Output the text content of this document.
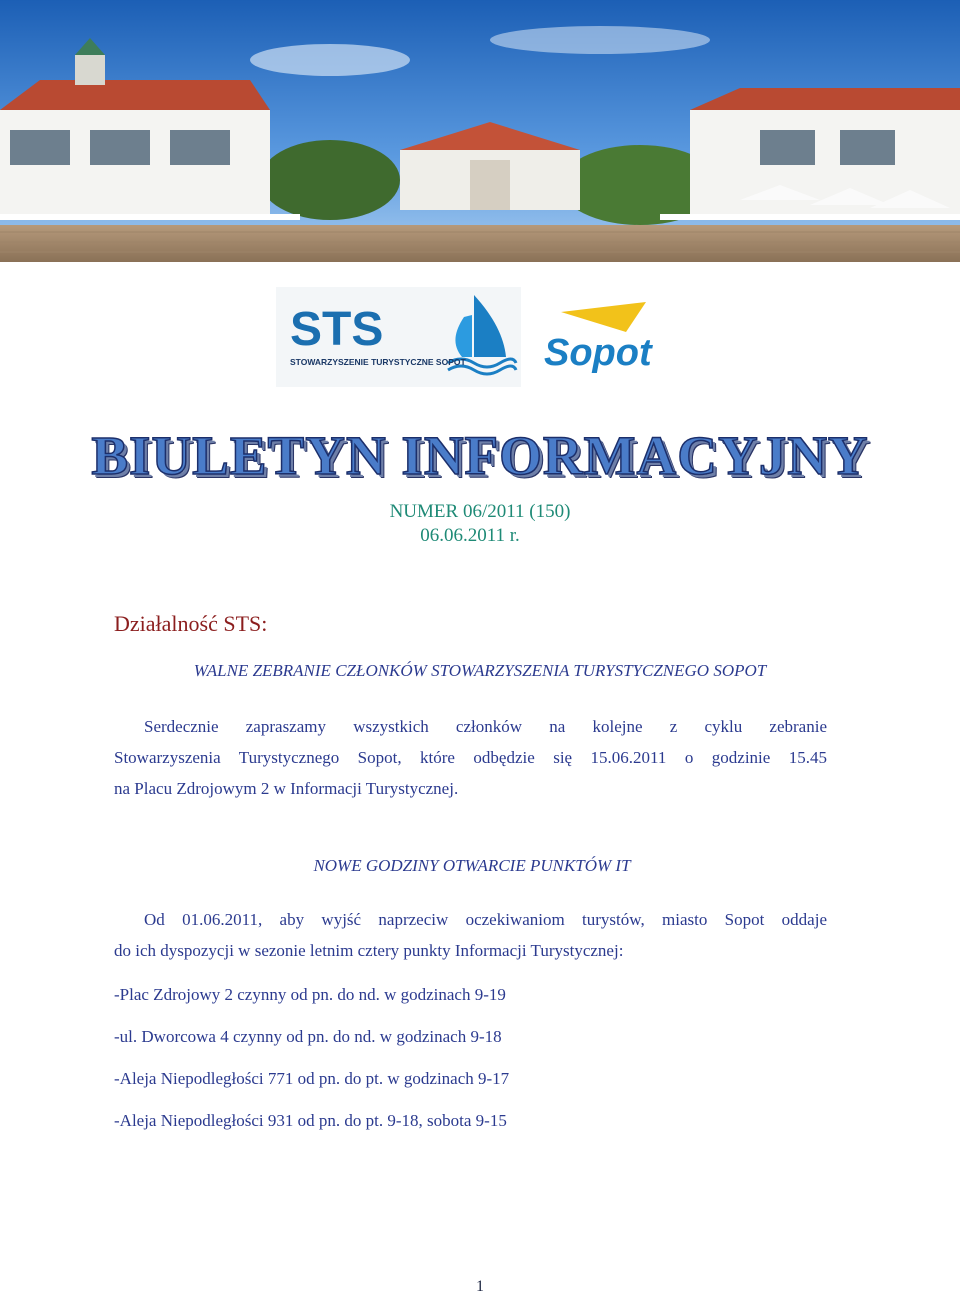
STS
STOWARZYSZENIE TURYSTYCZNE SOPOT Sopot
BIULETYN INFORMACYJNY
NUMER 06/2011 (150)
06.06.2011 r.
Działalność STS:
WALNE ZEBRANIE CZŁONKÓW STOWARZYSZENIA TURYSTYCZNEGO SOPOT
Serdecznie zapraszamy wszystkich członków na kolejne z cyklu zebranie
Stowarzyszenia Turystycznego Sopot, które odbędzie się 15.06.2011 o godzinie 15.45
na Placu Zdrojowym 2 w Informacji Turystycznej.
NOWE GODZINY OTWARCIE PUNKTÓW IT
Od 01.06.2011, aby wyjść naprzeciw oczekiwaniom turystów, miasto Sopot oddaje
do ich dyspozycji w sezonie letnim cztery punkty Informacji Turystycznej:
-Plac Zdrojowy 2 czynny od pn. do nd. w godzinach 9-19
-ul. Dworcowa 4 czynny od pn. do nd. w godzinach 9-18
-Aleja Niepodległości 771 od pn. do pt. w godzinach 9-17
-Aleja Niepodległości 931 od pn. do pt. 9-18, sobota 9-15
1
